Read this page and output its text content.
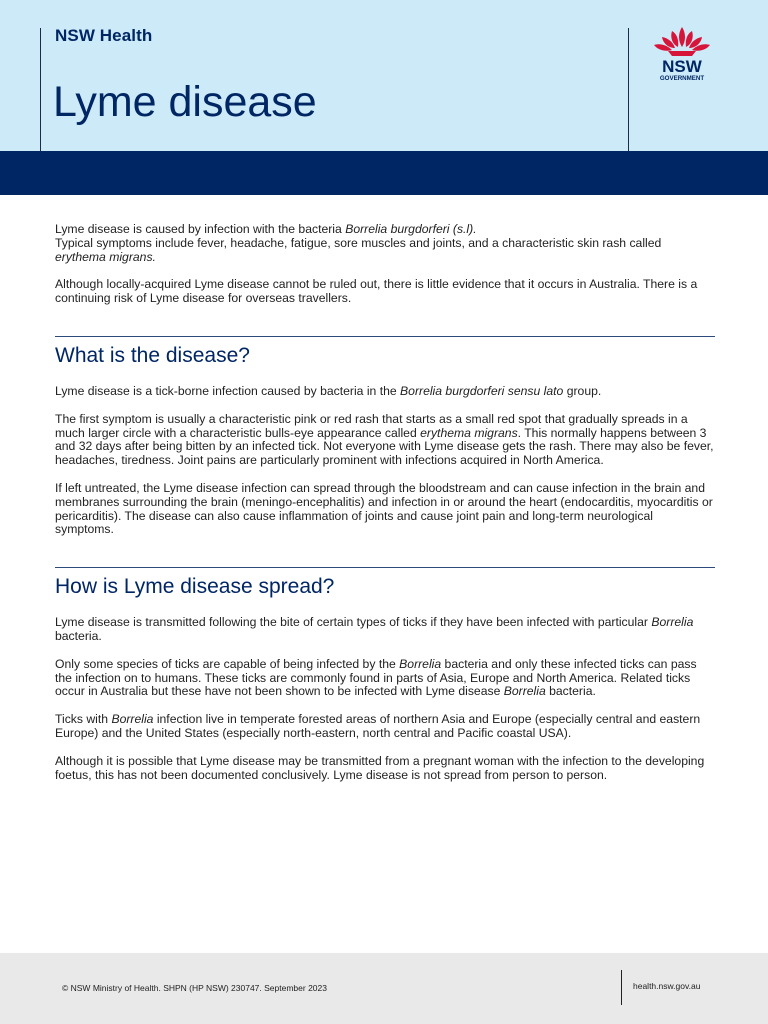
NSW Health
Lyme disease
NSW
GOVERNMENT

Lyme disease is caused by infection with the bacteria Borrelia burgdorferi (s.l).
Typical symptoms include fever, headache, fatigue, sore muscles and joints, and a characteristic skin rash called erythema migrans.

Although locally-acquired Lyme disease cannot be ruled out, there is little evidence that it occurs in Australia. There is a continuing risk of Lyme disease for overseas travellers.

What is the disease?

Lyme disease is a tick-borne infection caused by bacteria in the Borrelia burgdorferi sensu lato group.

The first symptom is usually a characteristic pink or red rash that starts as a small red spot that gradually spreads in a much larger circle with a characteristic bulls-eye appearance called erythema migrans. This normally happens between 3 and 32 days after being bitten by an infected tick. Not everyone with Lyme disease gets the rash. There may also be fever, headaches, tiredness. Joint pains are particularly prominent with infections acquired in North America.

If left untreated, the Lyme disease infection can spread through the bloodstream and can cause infection in the brain and membranes surrounding the brain (meningo-encephalitis) and infection in or around the heart (endocarditis, myocarditis or pericarditis). The disease can also cause inflammation of joints and cause joint pain and long-term neurological symptoms.

How is Lyme disease spread?

Lyme disease is transmitted following the bite of certain types of ticks if they have been infected with particular Borrelia bacteria.

Only some species of ticks are capable of being infected by the Borrelia bacteria and only these infected ticks can pass the infection on to humans. These ticks are commonly found in parts of Asia, Europe and North America. Related ticks occur in Australia but these have not been shown to be infected with Lyme disease Borrelia bacteria.

Ticks with Borrelia infection live in temperate forested areas of northern Asia and Europe (especially central and eastern Europe) and the United States (especially north-eastern, north central and Pacific coastal USA).

Although it is possible that Lyme disease may be transmitted from a pregnant woman with the infection to the developing foetus, this has not been documented conclusively. Lyme disease is not spread from person to person.

© NSW Ministry of Health. SHPN (HP NSW) 230747. September 2023	health.nsw.gov.au
